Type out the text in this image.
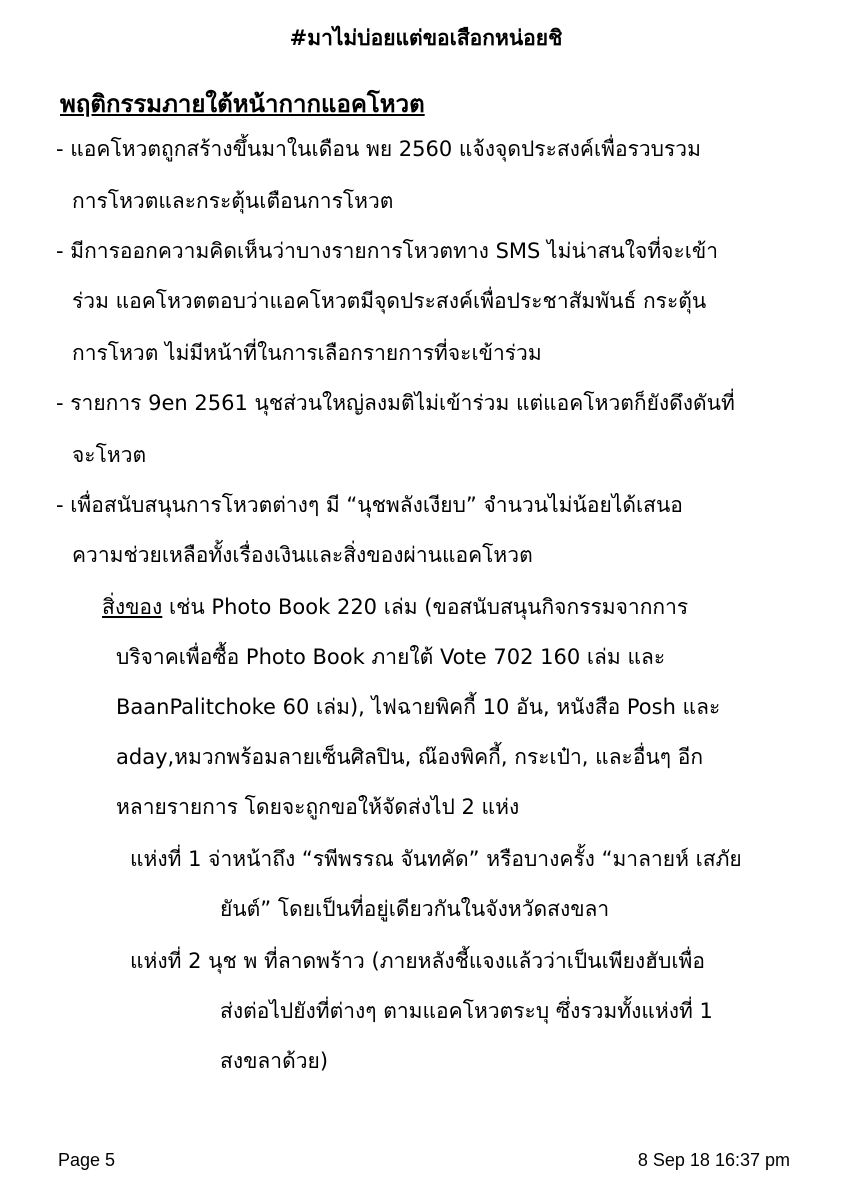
#มาไม่บ่อยแต่ขอเสือกหน่อยชิ
พฤติกรรมภายใต้หน้ากากแอคโหวต
- แอคโหวตถูกสร้างขึ้นมาในเดือน พย 2560 แจ้งจุดประสงค์เพื่อรวบรวม
การโหวตและกระตุ้นเตือนการโหวต
- มีการออกความคิดเห็นว่าบางรายการโหวตทาง SMS ไม่น่าสนใจที่จะเข้า
ร่วม แอคโหวตตอบว่าแอคโหวตมีจุดประสงค์เพื่อประชาสัมพันธ์ กระตุ้น
การโหวต ไม่มีหน้าที่ในการเลือกรายการที่จะเข้าร่วม
- รายการ 9en 2561 นุชส่วนใหญ่ลงมติไม่เข้าร่วม แต่แอคโหวตก็ยังดึงดันที่
จะโหวต
- เพื่อสนับสนุนการโหวตต่างๆ มี “นุชพลังเงียบ” จำนวนไม่น้อยได้เสนอ
ความช่วยเหลือทั้งเรื่องเงินและสิ่งของผ่านแอคโหวต
สิ่งของ เช่น Photo Book 220 เล่ม (ขอสนับสนุนกิจกรรมจากการ
บริจาคเพื่อซื้อ Photo Book ภายใต้ Vote 702 160 เล่ม และ
BaanPalitchoke 60 เล่ม), ไฟฉายพิคกี้ 10 อัน, หนังสือ Posh และ
aday,หมวกพร้อมลายเซ็นศิลปิน, ณ๊องพิคกี้, กระเป๋า, และอื่นๆ อีก
หลายรายการ โดยจะถูกขอให้จัดส่งไป 2 แห่ง
แห่งที่ 1 จ่าหน้าถึง “รพีพรรณ จันทคัด” หรือบางครั้ง “มาลายห์ เสภัย
ยันต์” โดยเป็นที่อยู่เดียวกันในจังหวัดสงขลา
แห่งที่ 2 นุช พ ที่ลาดพร้าว (ภายหลังชี้แจงแล้วว่าเป็นเพียงฮับเพื่อ
ส่งต่อไปยังที่ต่างๆ ตามแอคโหวตระบุ ซึ่งรวมทั้งแห่งที่ 1
สงขลาด้วย)
Page 5	8 Sep 18 16:37 pm
